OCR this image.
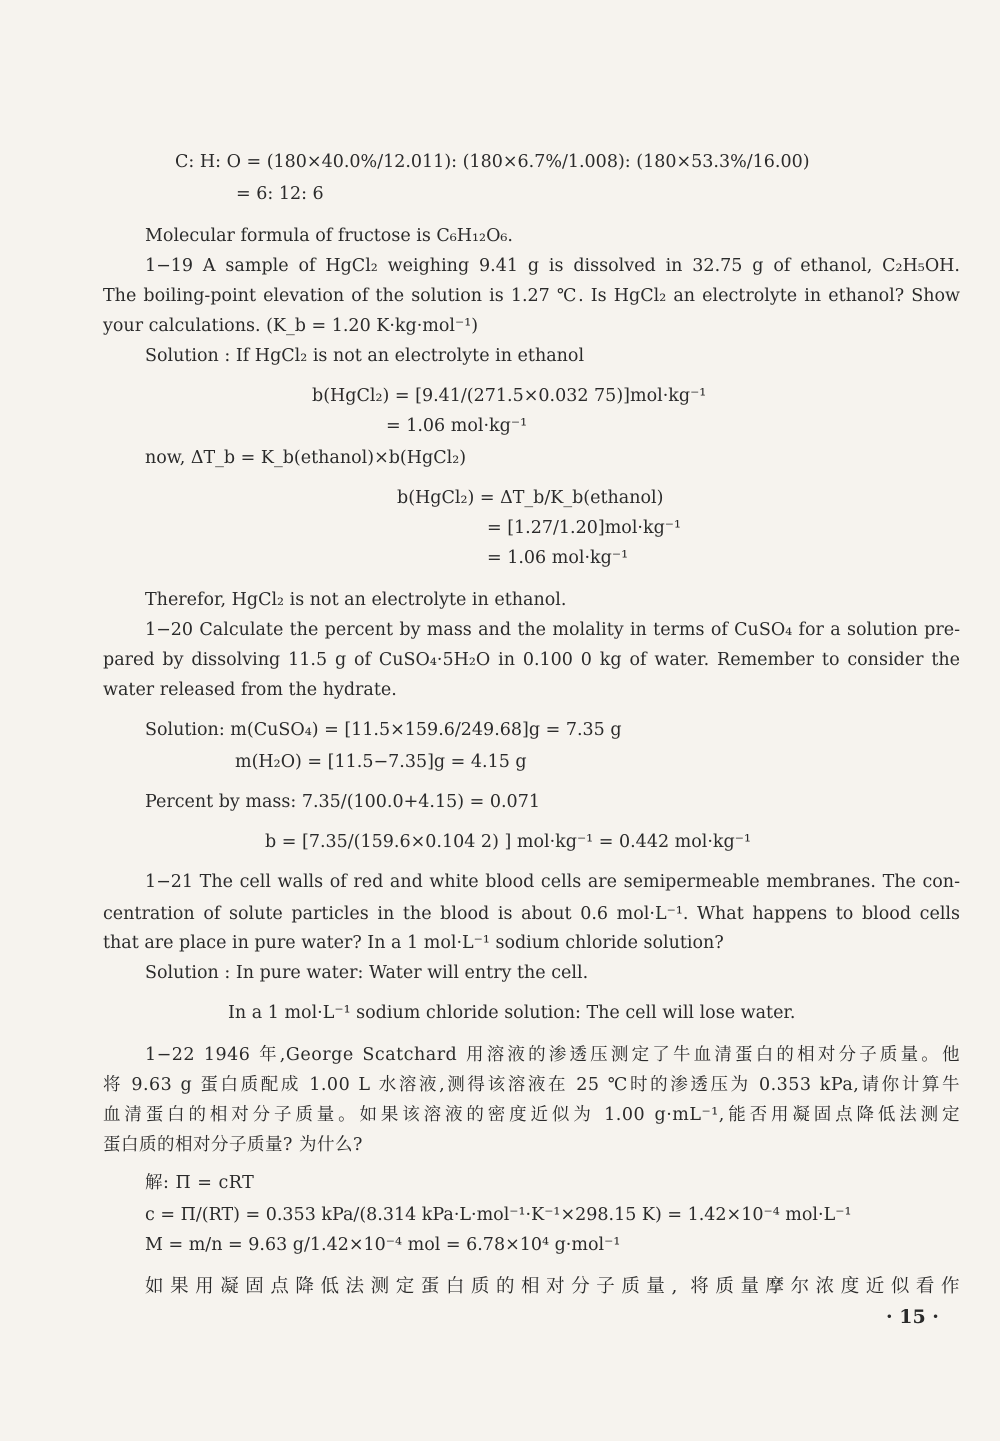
C: H: O = (180×40.0%/12.011): (180×6.7%/1.008): (180×53.3%/16.00)
= 6: 12: 6
Molecular formula of fructose is C₆H₁₂O₆.
1−19 A sample of HgCl₂ weighing 9.41 g is dissolved in 32.75 g of ethanol, C₂H₅OH.
The boiling-point elevation of the solution is 1.27 ℃. Is HgCl₂ an electrolyte in ethanol? Show
your calculations. (K_b = 1.20 K·kg·mol⁻¹)
Solution : If HgCl₂ is not an electrolyte in ethanol
b(HgCl₂) = [9.41/(271.5×0.032 75)]mol·kg⁻¹
= 1.06 mol·kg⁻¹
now, ΔT_b = K_b(ethanol)×b(HgCl₂)
b(HgCl₂) = ΔT_b/K_b(ethanol)
= [1.27/1.20]mol·kg⁻¹
= 1.06 mol·kg⁻¹
Therefor, HgCl₂ is not an electrolyte in ethanol.
1−20 Calculate the percent by mass and the molality in terms of CuSO₄ for a solution pre-
pared by dissolving 11.5 g of CuSO₄·5H₂O in 0.100 0 kg of water. Remember to consider the
water released from the hydrate.
Solution: m(CuSO₄) = [11.5×159.6/249.68]g = 7.35 g
m(H₂O) = [11.5−7.35]g = 4.15 g
Percent by mass: 7.35/(100.0+4.15) = 0.071
b = [7.35/(159.6×0.104 2) ] mol·kg⁻¹ = 0.442 mol·kg⁻¹
1−21 The cell walls of red and white blood cells are semipermeable membranes. The con-
centration of solute particles in the blood is about 0.6 mol·L⁻¹. What happens to blood cells
that are place in pure water? In a 1 mol·L⁻¹ sodium chloride solution?
Solution : In pure water: Water will entry the cell.
In a 1 mol·L⁻¹ sodium chloride solution: The cell will lose water.
1−22 1946 年,George Scatchard 用溶液的渗透压测定了牛血清蛋白的相对分子质量。他
将 9.63 g 蛋白质配成 1.00 L 水溶液,测得该溶液在 25 ℃时的渗透压为 0.353 kPa,请你计算牛
血清蛋白的相对分子质量。如果该溶液的密度近似为 1.00 g·mL⁻¹,能否用凝固点降低法测定
蛋白质的相对分子质量? 为什么?
解: Π = cRT
c = Π/(RT) = 0.353 kPa/(8.314 kPa·L·mol⁻¹·K⁻¹×298.15 K) = 1.42×10⁻⁴ mol·L⁻¹
M = m/n = 9.63 g/1.42×10⁻⁴ mol = 6.78×10⁴ g·mol⁻¹
如果用凝固点降低法测定蛋白质的相对分子质量, 将质量摩尔浓度近似看作
· 15 ·
